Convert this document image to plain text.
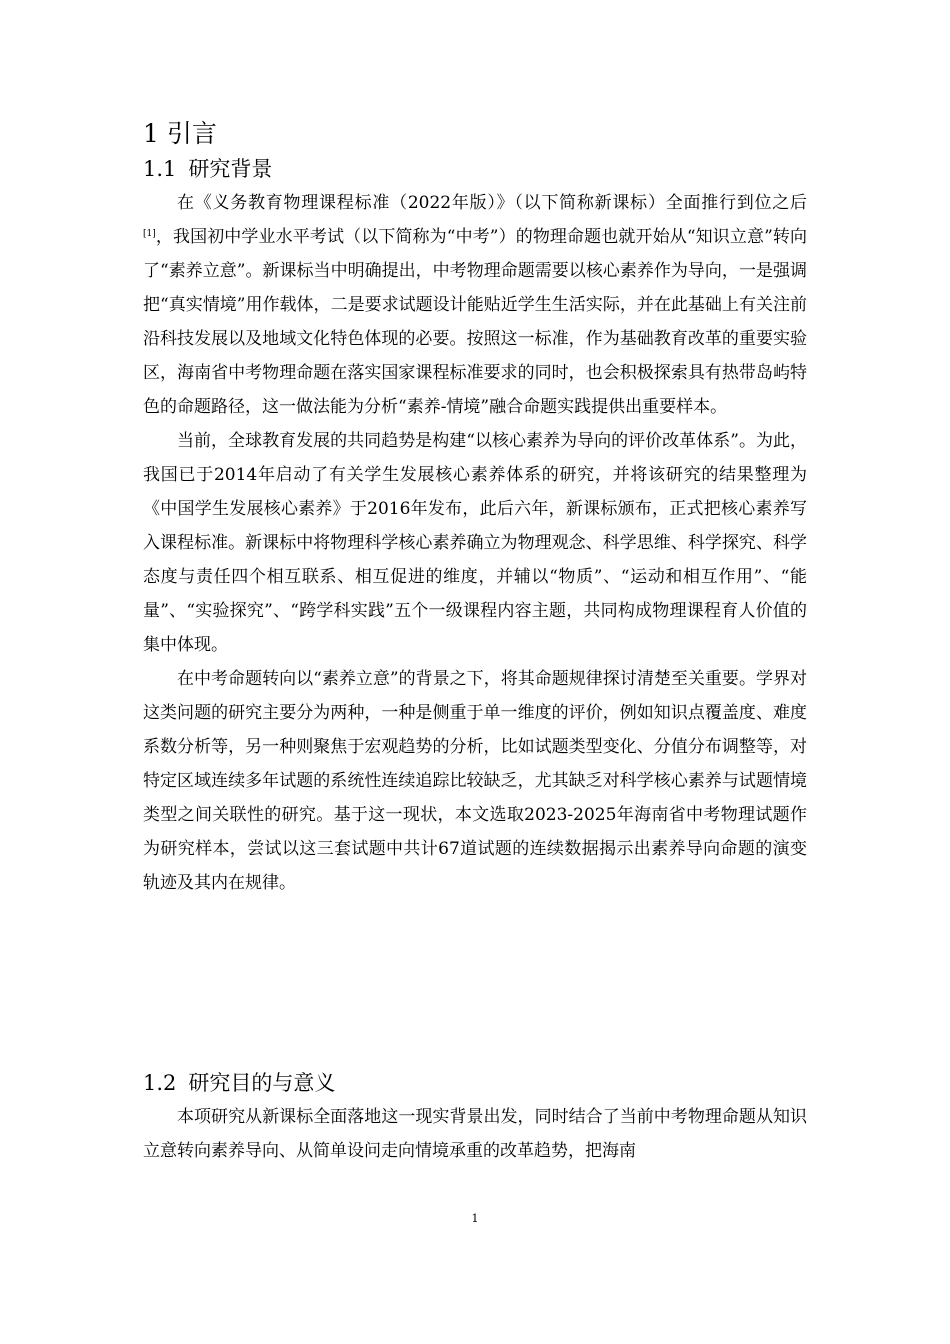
1 引言
1.1 研究背景

在《义务教育物理课程标准（2022年版）》（以下简称新课标）全面推行到位之后[1]，我国初中学业水平考试（以下简称为“中考”）的物理命题也就开始从“知识立意”转向了“素养立意”。新课标当中明确提出，中考物理命题需要以核心素养作为导向，一是强调把“真实情境”用作载体，二是要求试题设计能贴近学生生活实际，并在此基础上有关注前沿科技发展以及地域文化特色体现的必要。按照这一标准，作为基础教育改革的重要实验区，海南省中考物理命题在落实国家课程标准要求的同时，也会积极探索具有热带岛屿特色的命题路径，这一做法能为分析“素养-情境”融合命题实践提供出重要样本。

当前，全球教育发展的共同趋势是构建“以核心素养为导向的评价改革体系”。为此，我国已于2014年启动了有关学生发展核心素养体系的研究，并将该研究的结果整理为《中国学生发展核心素养》于2016年发布，此后六年，新课标颁布，正式把核心素养写入课程标准。新课标中将物理科学核心素养确立为物理观念、科学思维、科学探究、科学态度与责任四个相互联系、相互促进的维度，并辅以“物质”、“运动和相互作用”、“能量”、“实验探究”、“跨学科实践”五个一级课程内容主题，共同构成物理课程育人价值的集中体现。

在中考命题转向以“素养立意”的背景之下，将其命题规律探讨清楚至关重要。学界对这类问题的研究主要分为两种，一种是侧重于单一维度的评价，例如知识点覆盖度、难度系数分析等，另一种则聚焦于宏观趋势的分析，比如试题类型变化、分值分布调整等，对特定区域连续多年试题的系统性连续追踪比较缺乏，尤其缺乏对科学核心素养与试题情境类型之间关联性的研究。基于这一现状，本文选取2023-2025年海南省中考物理试题作为研究样本，尝试以这三套试题中共计67道试题的连续数据揭示出素养导向命题的演变轨迹及其内在规律。

1.2 研究目的与意义

本项研究从新课标全面落地这一现实背景出发，同时结合了当前中考物理命题从知识立意转向素养导向、从简单设问走向情境承重的改革趋势，把海南

1
